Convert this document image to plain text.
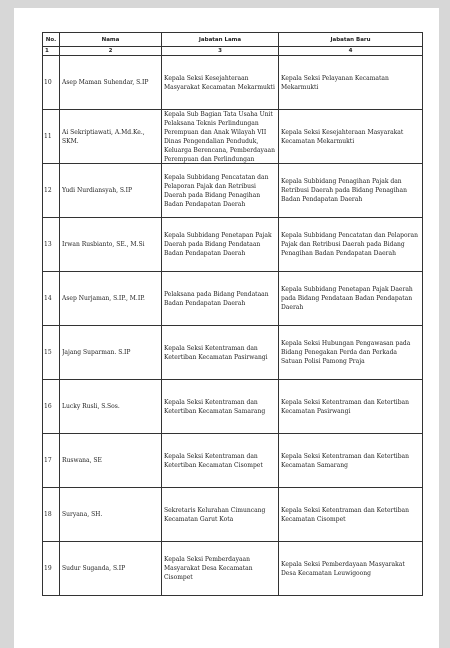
No.	Nama	Jabatan Lama	Jabatan Baru
1	2	3	4

10	Asep Maman Suhendar, S.IP	Kepala Seksi Kesejahteraan Masyarakat Kecamatan Mekarmukti	Kepala Seksi Pelayanan Kecamatan Mekarmukti

11	Ai Sekriptiawati, A.Md.Ke., SKM.	Kepala Sub Bagian Tata Usaha Unit Pelaksana Teknis Perlindungan Perempuan dan Anak Wilayah VII Dinas Pengendalian Penduduk, Keluarga Berencana, Pemberdayaan Perempuan dan Perlindungan	Kepala Seksi Kesejahteraan Masyarakat Kecamatan Mekarmukti

12	Yudi Nurdiansyah, S.IP	Kepala Subbidang Pencatatan dan Pelaporan Pajak dan Retribusi Daerah pada Bidang Penagihan Badan Pendapatan Daerah	Kepala Subbidang Penagihan Pajak dan Retribusi Daerah pada Bidang Penagihan Badan Pendapatan Daerah

13	Irwan Rusbianto, SE., M.Si	Kepala Subbidang Penetapan Pajak Daerah pada Bidang Pendataan Badan Pendapatan Daerah	Kepala Subbidang Pencatatan dan Pelaporan Pajak dan Retribusi Daerah pada Bidang Penagihan Badan Pendapatan Daerah

14	Asep Nurjaman, S.IP., M.IP.	Pelaksana pada Bidang Pendataan Badan Pendapatan Daerah	Kepala Subbidang Penetapan Pajak Daerah pada Bidang Pendataan Badan Pendapatan Daerah

15	Jajang Suparman. S.IP	Kepala Seksi Ketentraman dan Ketertiban Kecamatan Pasirwangi	Kepala Seksi Hubungan Pengawasan pada Bidang Penegakan Perda dan Perkada Satuan Polisi Pamong Praja

16	Lucky Rusli, S.Sos.	Kepala Seksi Ketentraman dan Ketertiban Kecamatan Samarang	Kepala Seksi Ketentraman dan Ketertiban Kecamatan Pasirwangi

17	Ruswana, SE	Kepala Seksi Ketentraman dan Ketertiban Kecamatan Cisompet	Kepala Seksi Ketentraman dan Ketertiban Kecamatan Samarang

18	Suryana, SH.	Sekretaris Kelurahan Cimuncang Kecamatan Garut Kota	Kepala Seksi Ketentraman dan Ketertiban Kecamatan Cisompet

19	Sudur Suganda, S.IP	Kepala Seksi Pemberdayaan Masyarakat Desa Kecamatan Cisompet	Kepala Seksi Pemberdayaan Masyarakat Desa Kecamatan Leuwigoong
